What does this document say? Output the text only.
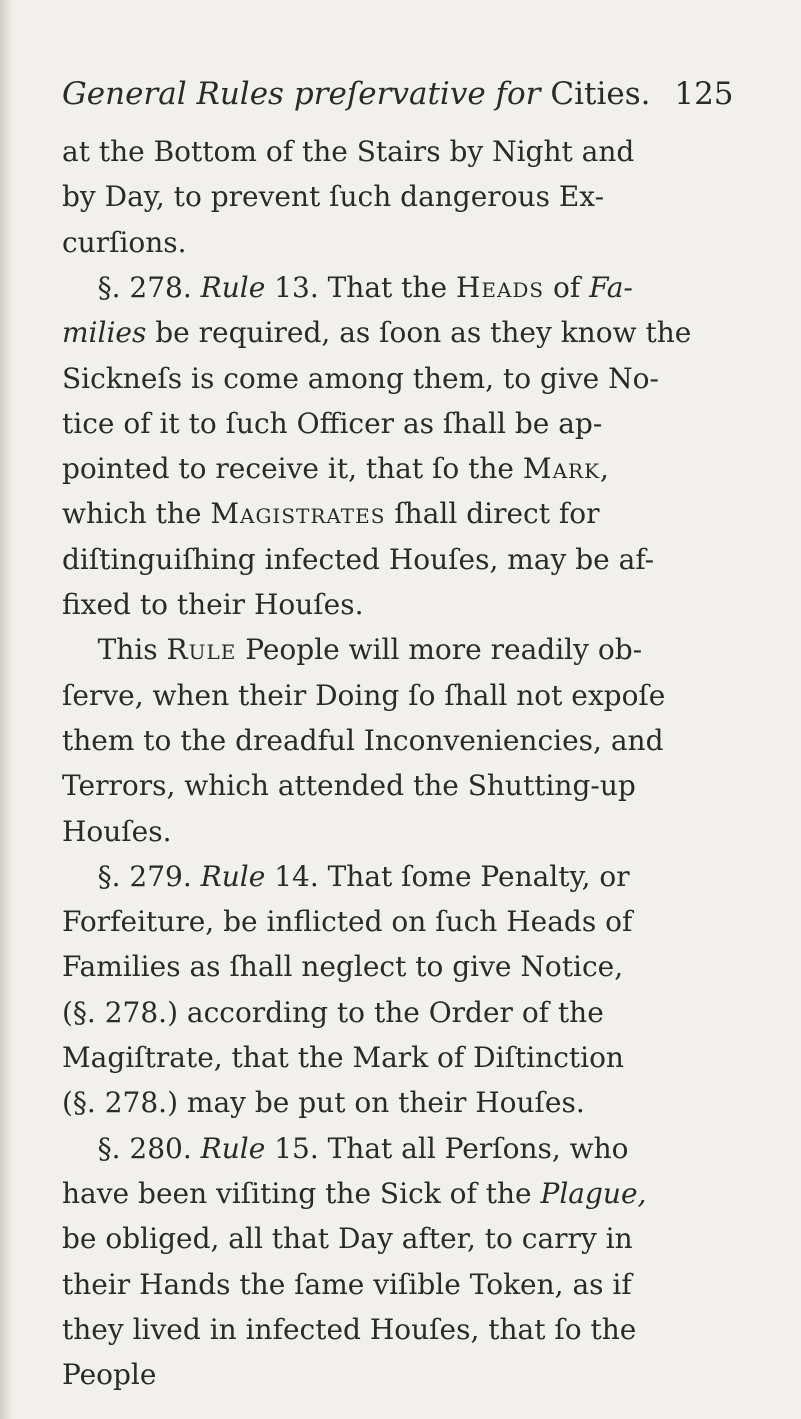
General Rules preſervative for Cities. 125
at the Bottom of the Stairs by Night and
by Day, to prevent ſuch dangerous Ex-
curſions.
§. 278. Rule 13. That the Heads of Fa-
milies be required, as ſoon as they know the
Sickneſs is come among them, to give No-
tice of it to ſuch Officer as ſhall be ap-
pointed to receive it, that ſo the Mark,
which the Magistrates ſhall direct for
diſtinguiſhing infected Houſes, may be af-
fixed to their Houſes.
This Rule People will more readily ob-
ſerve, when their Doing ſo ſhall not expoſe
them to the dreadful Inconveniencies, and
Terrors, which attended the Shutting-up
Houſes.
§. 279. Rule 14. That ſome Penalty, or
Forfeiture, be inflicted on ſuch Heads of
Families as ſhall neglect to give Notice,
(§. 278.) according to the Order of the
Magiſtrate, that the Mark of Diſtinction
(§. 278.) may be put on their Houſes.
§. 280. Rule 15. That all Perſons, who
have been viſiting the Sick of the Plague,
be obliged, all that Day after, to carry in
their Hands the ſame viſible Token, as if
they lived in infected Houſes, that ſo the
People
